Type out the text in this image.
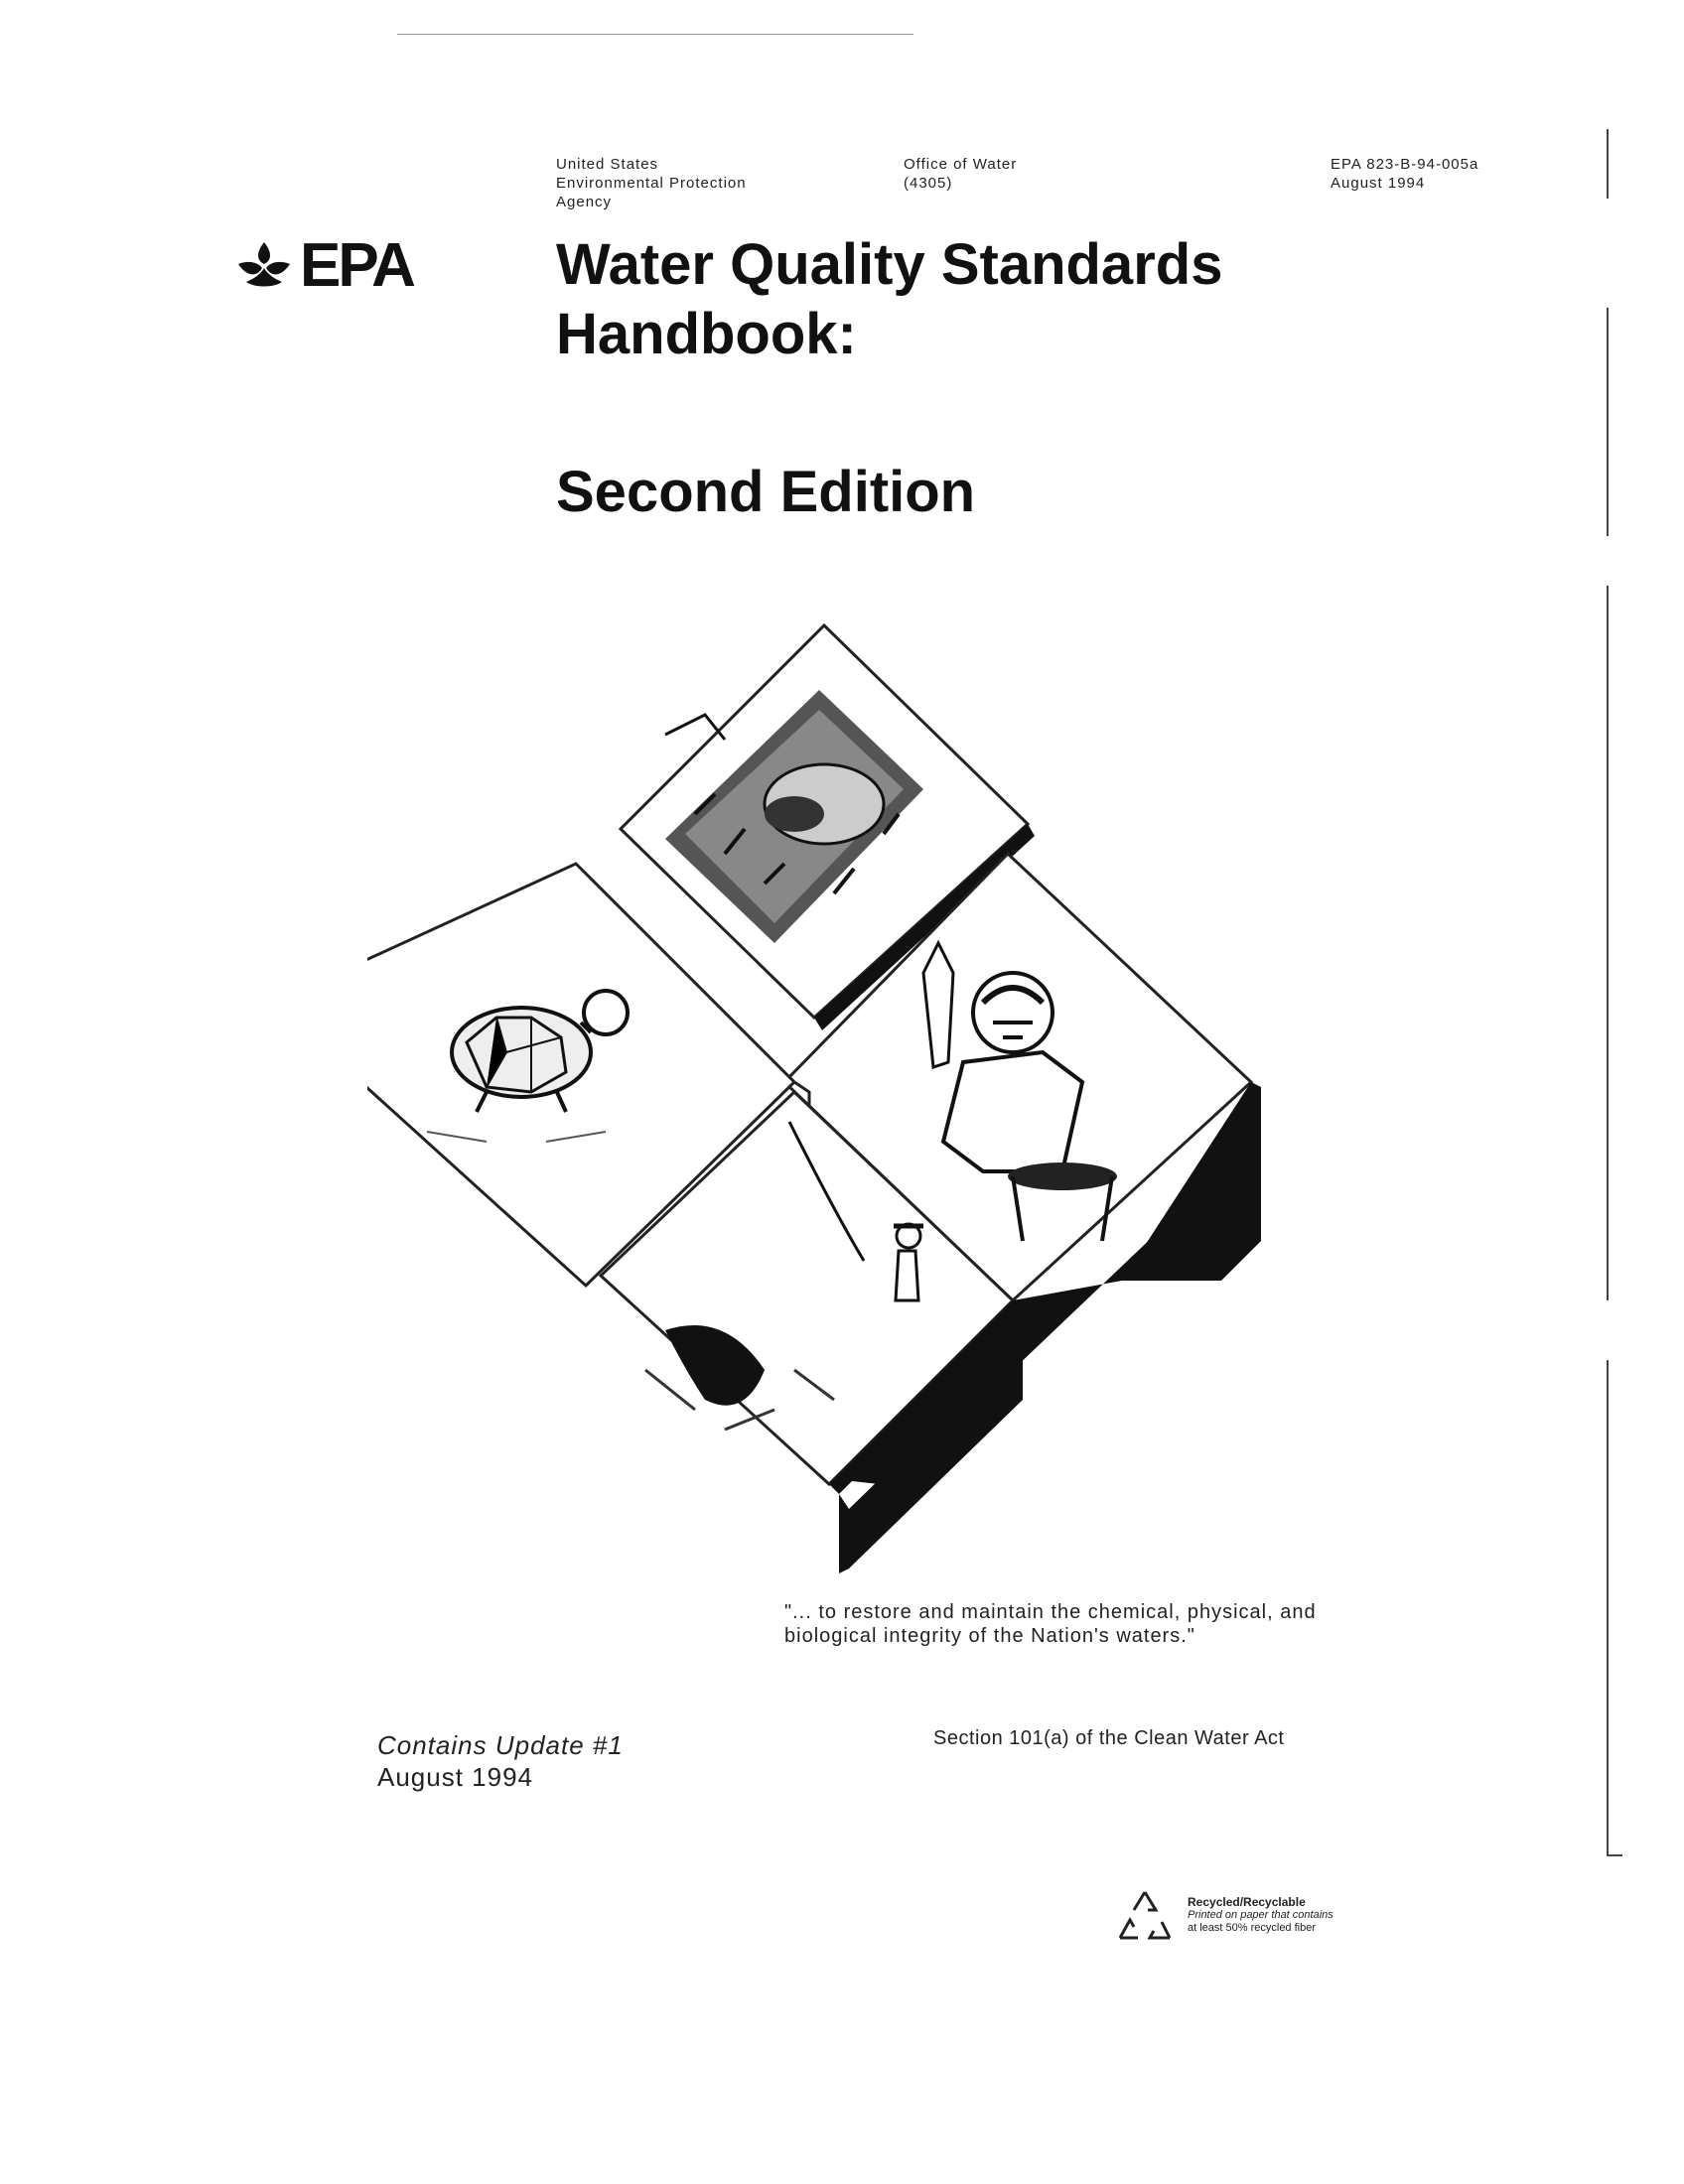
United States
Environmental Protection
Agency
Office of Water
(4305)
EPA 823-B-94-005a
August 1994
EPA Water Quality Standards
Handbook:
Second Edition
"... to restore and maintain the chemical, physical, and biological integrity of the Nation's waters."
Section 101(a) of the Clean Water Act
Contains Update #1
August 1994
Recycled/Recyclable
Printed on paper that contains
at least 50% recycled fiber
